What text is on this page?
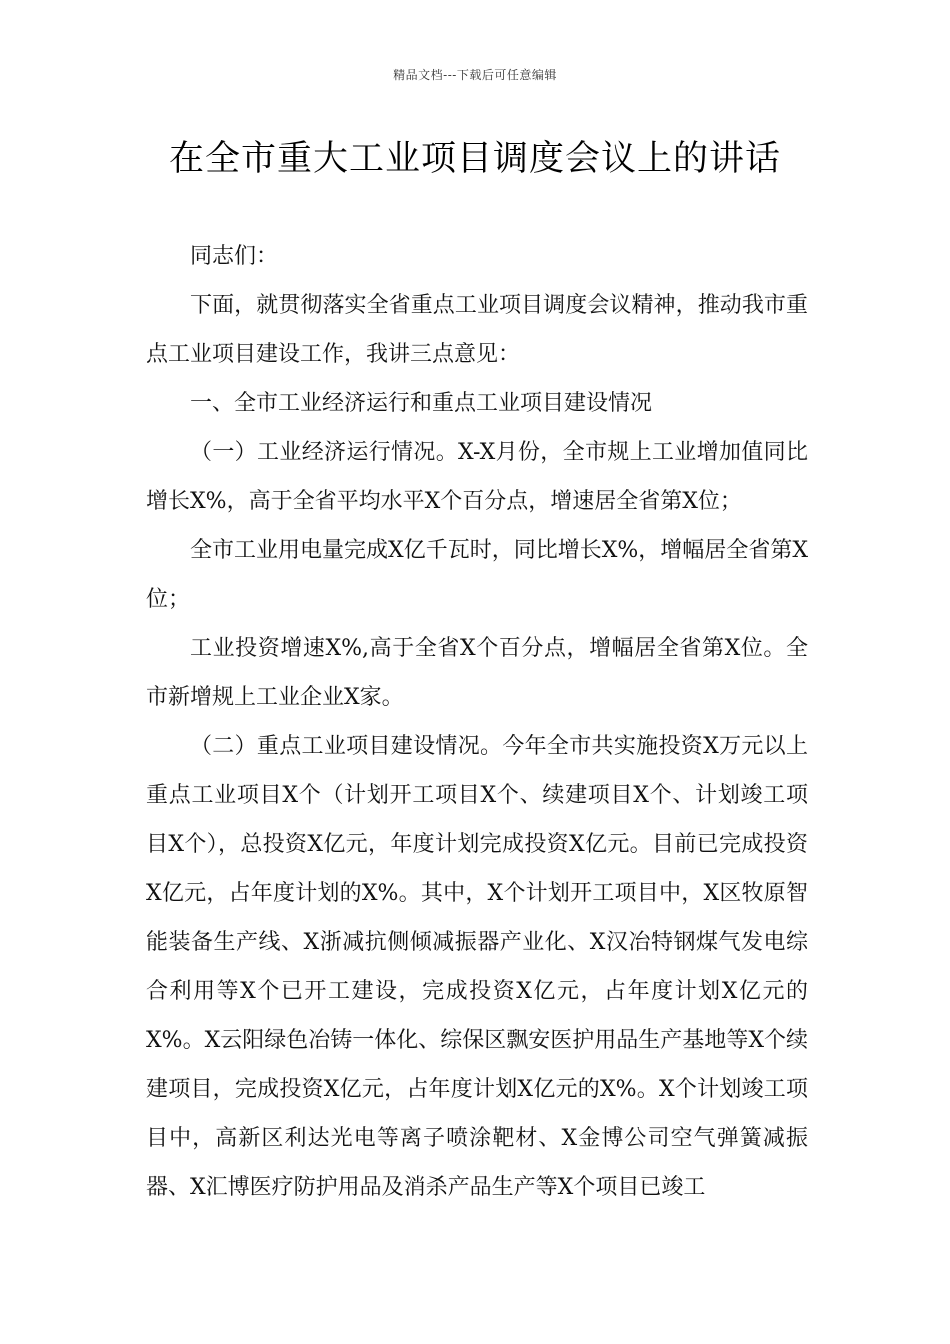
精品文档---下载后可任意编辑
在全市重大工业项目调度会议上的讲话

同志们：

下面，就贯彻落实全省重点工业项目调度会议精神，推动我市重点工业项目建设工作，我讲三点意见：

一、全市工业经济运行和重点工业项目建设情况

（一）工业经济运行情况。X-X月份，全市规上工业增加值同比增长X%，高于全省平均水平X个百分点，增速居全省第X位；

全市工业用电量完成X亿千瓦时，同比增长X%，增幅居全省第X位；

工业投资增速X%,高于全省X个百分点，增幅居全省第X位。全市新增规上工业企业X家。

（二）重点工业项目建设情况。今年全市共实施投资X万元以上重点工业项目X个（计划开工项目X个、续建项目X个、计划竣工项目X个），总投资X亿元，年度计划完成投资X亿元。目前已完成投资X亿元，占年度计划的X%。其中，X个计划开工项目中，X区牧原智能装备生产线、X浙减抗侧倾减振器产业化、X汉冶特钢煤气发电综合利用等X个已开工建设，完成投资X亿元，占年度计划X亿元的X%。X云阳绿色冶铸一体化、综保区飘安医护用品生产基地等X个续建项目，完成投资X亿元，占年度计划X亿元的X%。X个计划竣工项目中，高新区利达光电等离子喷涂靶材、X金博公司空气弹簧减振器、X汇博医疗防护用品及消杀产品生产等X个项目已竣工
